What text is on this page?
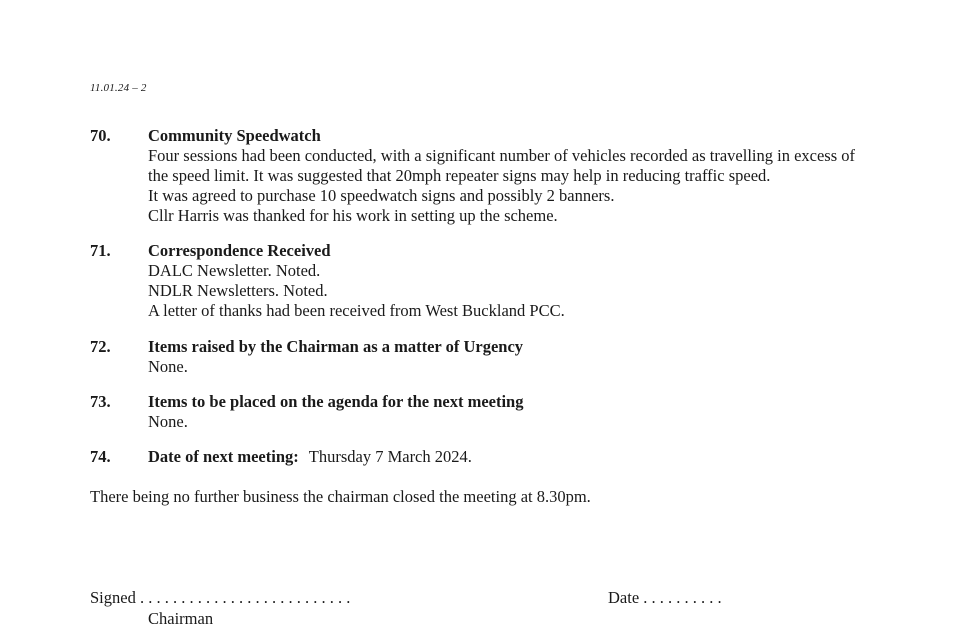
11.01.24 – 2
70. Community Speedwatch
Four sessions had been conducted, with a significant number of vehicles recorded as travelling in excess of
the speed limit. It was suggested that 20mph repeater signs may help in reducing traffic speed.
It was agreed to purchase 10 speedwatch signs and possibly 2 banners.
Cllr Harris was thanked for his work in setting up the scheme.
71. Correspondence Received
DALC Newsletter. Noted.
NDLR Newsletters. Noted.
A letter of thanks had been received from West Buckland PCC.
72. Items raised by the Chairman as a matter of Urgency
None.
73. Items to be placed on the agenda for the next meeting
None.
74. Date of next meeting: Thursday 7 March 2024.
There being no further business the chairman closed the meeting at 8.30pm.
Signed . . . . . . . . . . . . . . . . . . . . . . . . . .
Chairman
Date . . . . . . . . . .
